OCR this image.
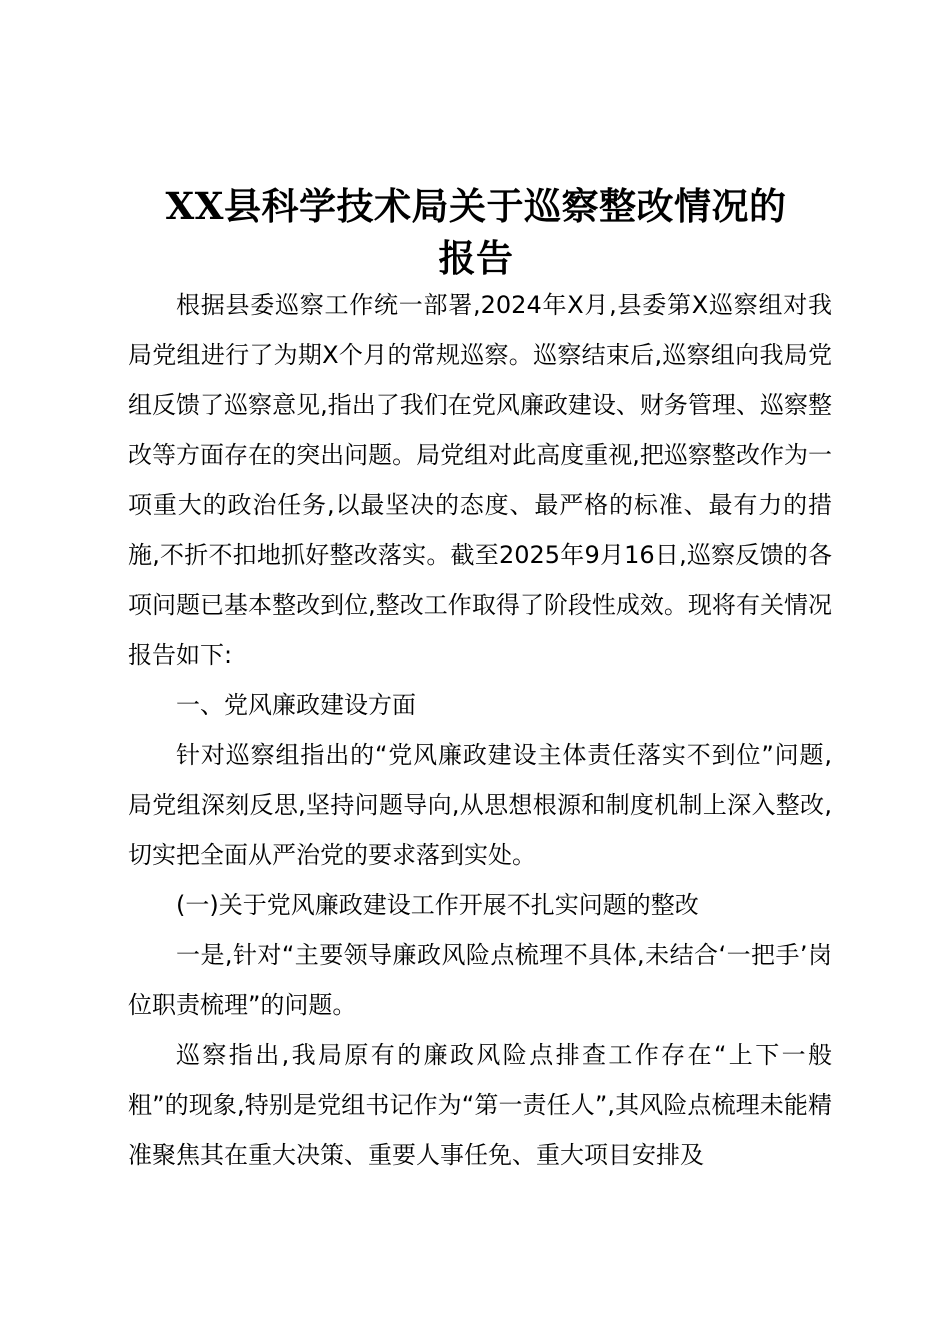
XX县科学技术局关于巡察整改情况的
报告

根据县委巡察工作统一部署,2024年X月,县委第X巡察组对我局党组进行了为期X个月的常规巡察。巡察结束后,巡察组向我局党组反馈了巡察意见,指出了我们在党风廉政建设、财务管理、巡察整改等方面存在的突出问题。局党组对此高度重视,把巡察整改作为一项重大的政治任务,以最坚决的态度、最严格的标准、最有力的措施,不折不扣地抓好整改落实。截至2025年9月16日,巡察反馈的各项问题已基本整改到位,整改工作取得了阶段性成效。现将有关情况报告如下:

一、党风廉政建设方面

针对巡察组指出的“党风廉政建设主体责任落实不到位”问题,局党组深刻反思,坚持问题导向,从思想根源和制度机制上深入整改,切实把全面从严治党的要求落到实处。

(一)关于党风廉政建设工作开展不扎实问题的整改

一是,针对“主要领导廉政风险点梳理不具体,未结合‘一把手’岗位职责梳理”的问题。

巡察指出,我局原有的廉政风险点排查工作存在“上下一般粗”的现象,特别是党组书记作为“第一责任人”,其风险点梳理未能精准聚焦其在重大决策、重要人事任免、重大项目安排及
